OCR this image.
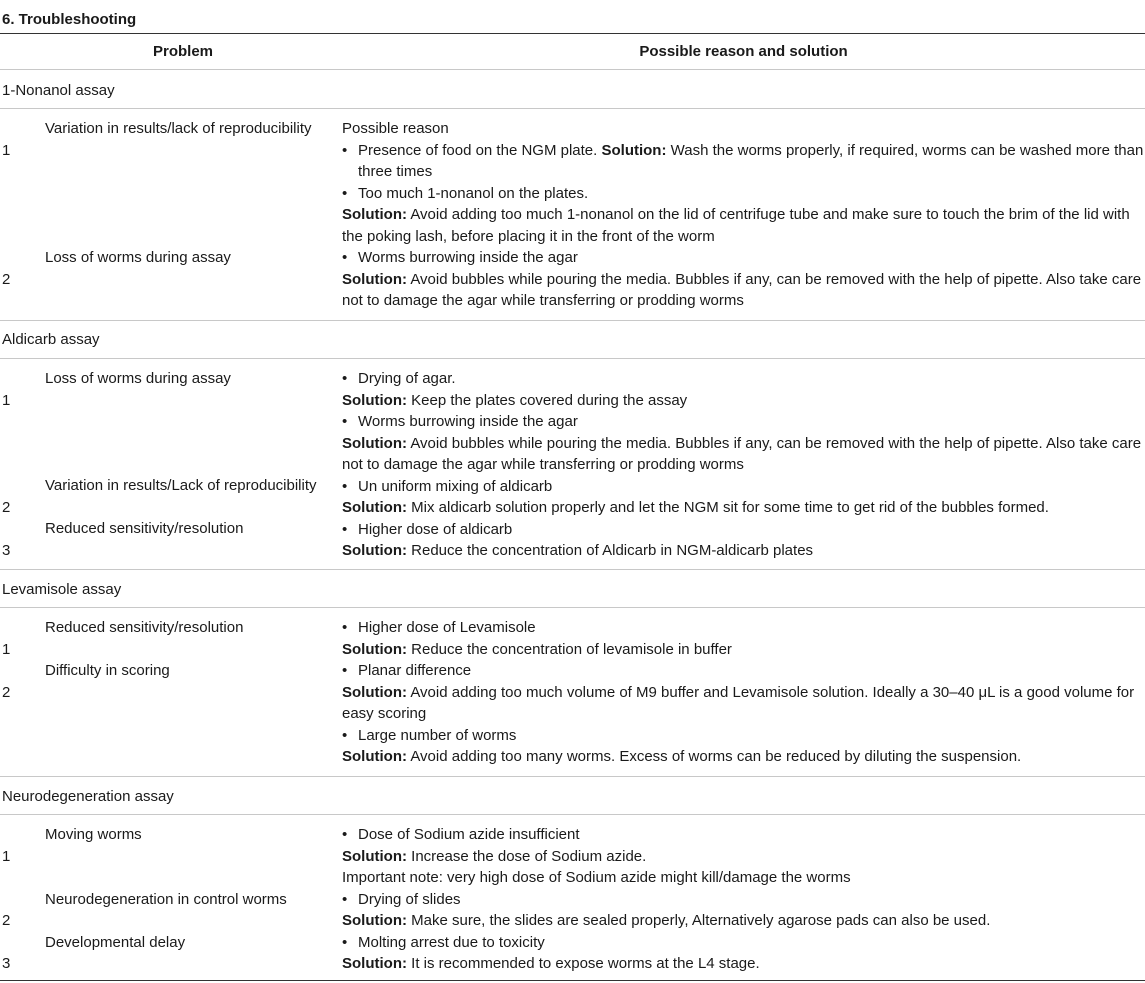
6. Troubleshooting
Problem	Possible reason and solution
1-Nonanol assay
1
Variation in results/lack of reproducibility
2
Loss of worms during assay
Possible reason
• Presence of food on the NGM plate. Solution: Wash the worms properly, if required, worms can be washed more than three times
• Too much 1-nonanol on the plates.
Solution: Avoid adding too much 1-nonanol on the lid of centrifuge tube and make sure to touch the brim of the lid with the poking lash, before placing it in the front of the worm
• Worms burrowing inside the agar
Solution: Avoid bubbles while pouring the media. Bubbles if any, can be removed with the help of pipette. Also take care not to damage the agar while transferring or prodding worms
Aldicarb assay
1
Loss of worms during assay
2
Variation in results/Lack of reproducibility
3
Reduced sensitivity/resolution
• Drying of agar.
Solution: Keep the plates covered during the assay
• Worms burrowing inside the agar
Solution: Avoid bubbles while pouring the media. Bubbles if any, can be removed with the help of pipette. Also take care not to damage the agar while transferring or prodding worms
• Un uniform mixing of aldicarb
Solution: Mix aldicarb solution properly and let the NGM sit for some time to get rid of the bubbles formed.
• Higher dose of aldicarb
Solution: Reduce the concentration of Aldicarb in NGM-aldicarb plates
Levamisole assay
1
Reduced sensitivity/resolution
2
Difficulty in scoring
• Higher dose of Levamisole
Solution: Reduce the concentration of levamisole in buffer
• Planar difference
Solution: Avoid adding too much volume of M9 buffer and Levamisole solution. Ideally a 30–40 μL is a good volume for easy scoring
• Large number of worms
Solution: Avoid adding too many worms. Excess of worms can be reduced by diluting the suspension.
Neurodegeneration assay
1
Moving worms
2
Neurodegeneration in control worms
3
Developmental delay
• Dose of Sodium azide insufficient
Solution: Increase the dose of Sodium azide.
Important note: very high dose of Sodium azide might kill/damage the worms
• Drying of slides
Solution: Make sure, the slides are sealed properly, Alternatively agarose pads can also be used.
• Molting arrest due to toxicity
Solution: It is recommended to expose worms at the L4 stage.
